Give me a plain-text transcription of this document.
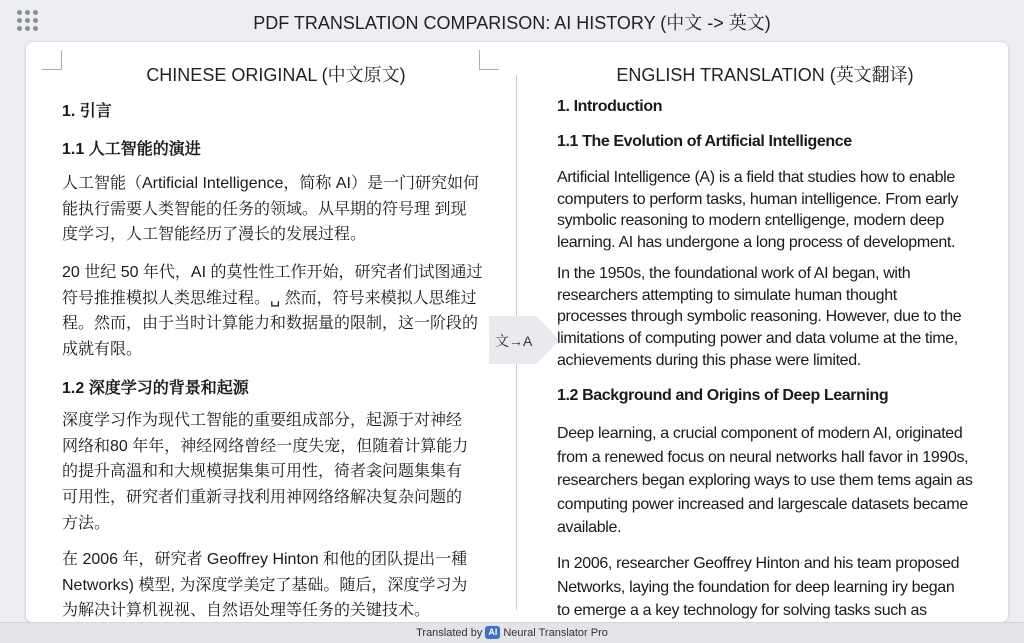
PDF TRANSLATION COMPARISON: AI HISTORY (中文 -> 英文)
CHINESE ORIGINAL (中文原文)	ENGLISH TRANSLATION (英文翻译)
文→A
1. 引言
1.1 人工智能的演进
人工智能（Artificial Intelligence，简称 AI）是一门研究如何
能执行需要人类智能的任务的领域。从早期的符号理 到现
度学习，人工智能经历了漫长的发展过程。
20 世纪 50 年代，AI 的莫性性工作开始，研究者们试图通过
符号推推模拟人类思维过程。␣ 然而，符号来模拟人思维过
程。然而，由于当时计算能力和数据量的限制，这一阶段的
成就有限。
1.2 深度学习的背景和起源
深度学习作为现代工智能的重要组成部分，起源于对神经
网络和80 年年，神经网络曾经一度失宠，但随着计算能力
的提升高溫和和大规模据集集可用性，徛者衾问题集集有
可用性，研究者们重新寻找利用神网络络解决复杂问题的
方法。
在 2006 年，研究者 Geoffrey Hinton 和他的团队提出一種
Networks) 模型, 为深度学美定了基础。随后，深度学习为
为解决计算机视视、自然语处理等任务的关键技术。
1. Introduction
1.1 The Evolution of Artificial Intelligence
Artificial Intelligence (A) is a field that studies how to enable
computers to perform tasks, human intelligence. From early
symbolic reasoning to modern ɛntelligenge, modern deep
learning. AI has undergone a long process of development.
In the 1950s, the foundational work of AI began, with
researchers attempting to simulate human thought
processes through symbolic reasoning. However, due to the
limitations of computing power and data volume at the time,
achievements during this phase were limited.
1.2 Background and Origins of Deep Learning
Deep learning, a crucial component of modern AI, originated
from a renewed focus on neural networks hall favor in 1990s,
researchers began exploring ways to use them tems again as
computing power increased and largescale datasets became
available.
In 2006, researcher Geoffrey Hinton and his team proposed
Networks, laying the foundation for deep learning iry began
to emerge a a key technology for solving tasks such as
Translated by AI Neural Translator Pro
